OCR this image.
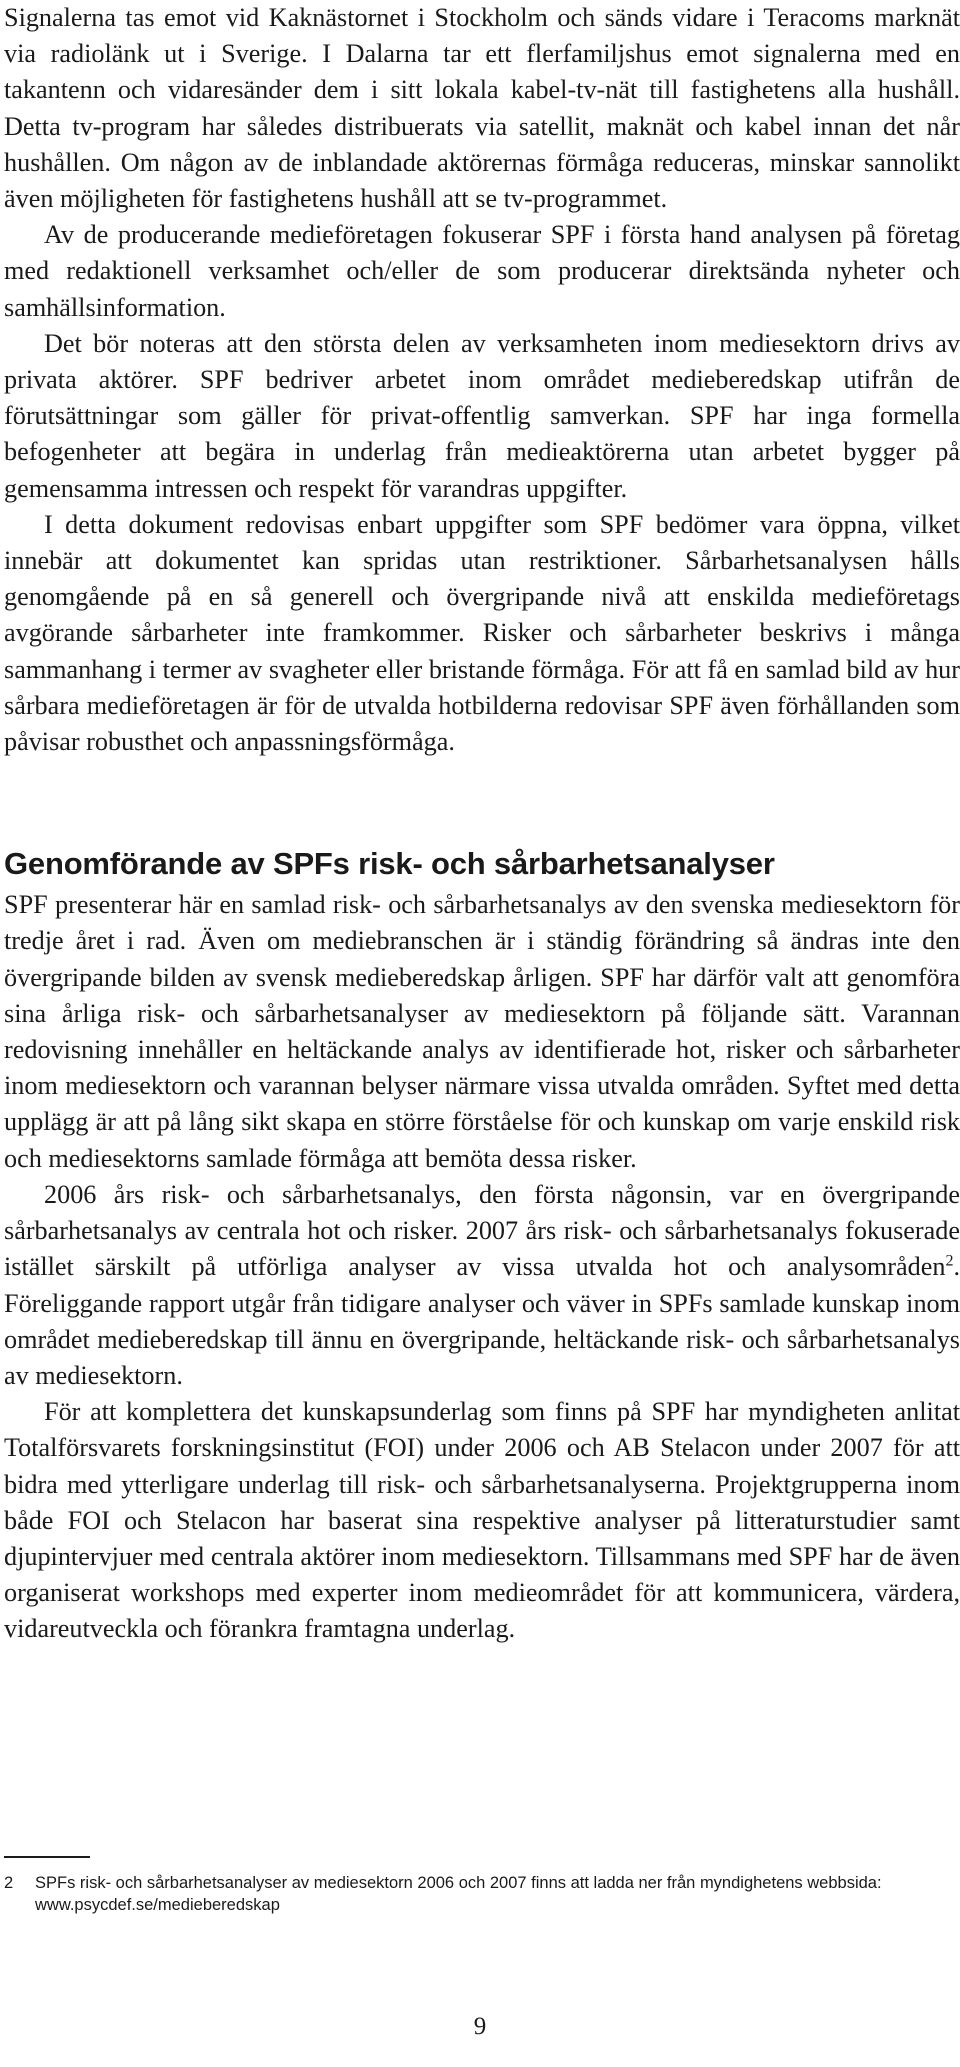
Signalerna tas emot vid Kaknästornet i Stockholm och sänds vidare i Teracoms marknät via radiolänk ut i Sverige. I Dalarna tar ett flerfamiljshus emot signalerna med en takantenn och vidaresänder dem i sitt lokala kabel-tv-nät till fastighetens alla hushåll. Detta tv-program har således distribuerats via satellit, maknät och kabel innan det når hushållen. Om någon av de inblandade aktörernas förmåga reduceras, minskar sannolikt även möjligheten för fastighetens hushåll att se tv-programmet.

Av de producerande medieföretagen fokuserar SPF i första hand analysen på företag med redaktionell verksamhet och/eller de som producerar direktsända nyheter och samhällsinformation.

Det bör noteras att den största delen av verksamheten inom mediesektorn drivs av privata aktörer. SPF bedriver arbetet inom området medieberedskap utifrån de förutsättningar som gäller för privat-offentlig samverkan. SPF har inga formella befogenheter att begära in underlag från medieaktörerna utan arbetet bygger på gemensamma intressen och respekt för varandras uppgifter.

I detta dokument redovisas enbart uppgifter som SPF bedömer vara öppna, vilket innebär att dokumentet kan spridas utan restriktioner. Sårbarhetsanalysen hålls genomgående på en så generell och övergripande nivå att enskilda medieföretags avgörande sårbarheter inte framkommer. Risker och sårbarheter beskrivs i många sammanhang i termer av svagheter eller bristande förmåga. För att få en samlad bild av hur sårbara medieföretagen är för de utvalda hotbilderna redovisar SPF även förhållanden som påvisar robusthet och anpassningsförmåga.

Genomförande av SPFs risk- och sårbarhetsanalyser

SPF presenterar här en samlad risk- och sårbarhetsanalys av den svenska mediesektorn för tredje året i rad. Även om mediebranschen är i ständig förändring så ändras inte den övergripande bilden av svensk medieberedskap årligen. SPF har därför valt att genomföra sina årliga risk- och sårbarhetsanalyser av mediesektorn på följande sätt. Varannan redovisning innehåller en heltäckande analys av identifierade hot, risker och sårbarheter inom mediesektorn och varannan belyser närmare vissa utvalda områden. Syftet med detta upplägg är att på lång sikt skapa en större förståelse för och kunskap om varje enskild risk och mediesektorns samlade förmåga att bemöta dessa risker.

2006 års risk- och sårbarhetsanalys, den första någonsin, var en övergripande sårbarhetsanalys av centrala hot och risker. 2007 års risk- och sårbarhetsanalys fokuserade istället särskilt på utförliga analyser av vissa utvalda hot och analysområden$^2$. Föreliggande rapport utgår från tidigare analyser och väver in SPFs samlade kunskap inom området medieberedskap till ännu en övergripande, heltäckande risk- och sårbarhetsanalys av mediesektorn.

För att komplettera det kunskapsunderlag som finns på SPF har myndigheten anlitat Totalförsvarets forskningsinstitut (FOI) under 2006 och AB Stelacon under 2007 för att bidra med ytterligare underlag till risk- och sårbarhetsanalyserna. Projektgrupperna inom både FOI och Stelacon har baserat sina respektive analyser på litteraturstudier samt djupintervjuer med centrala aktörer inom mediesektorn. Tillsammans med SPF har de även organiserat workshops med experter inom medieområdet för att kommunicera, värdera, vidareutveckla och förankra framtagna underlag.

2	SPFs risk- och sårbarhetsanalyser av mediesektorn 2006 och 2007 finns att ladda ner från myndighetens webbsida: www.psycdef.se/medieberedskap
9
